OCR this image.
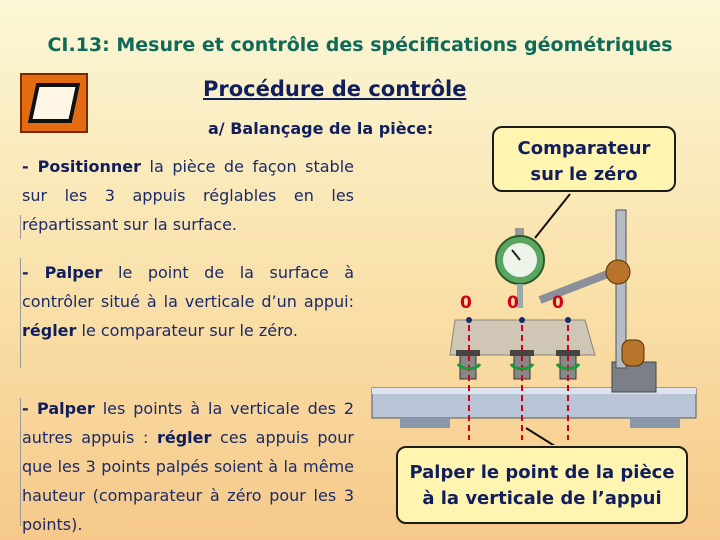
CI.13: Mesure et contrôle des spécifications géométriques
Procédure de contrôle
a/ Balançage de la pièce:
- Positionner la pièce de façon stable sur les 3 appuis réglables en les répartissant sur la surface.
- Palper le point de la surface à contrôler situé à la verticale d’un appui: régler le comparateur sur le zéro.
- Palper les points à la verticale des 2 autres appuis : régler ces appuis pour que les 3 points palpés soient à la même hauteur (comparateur à zéro pour les 3 points).
0 0 0
Comparateur
sur le zéro
Palper le point de la pièce
à la verticale de l’appui
